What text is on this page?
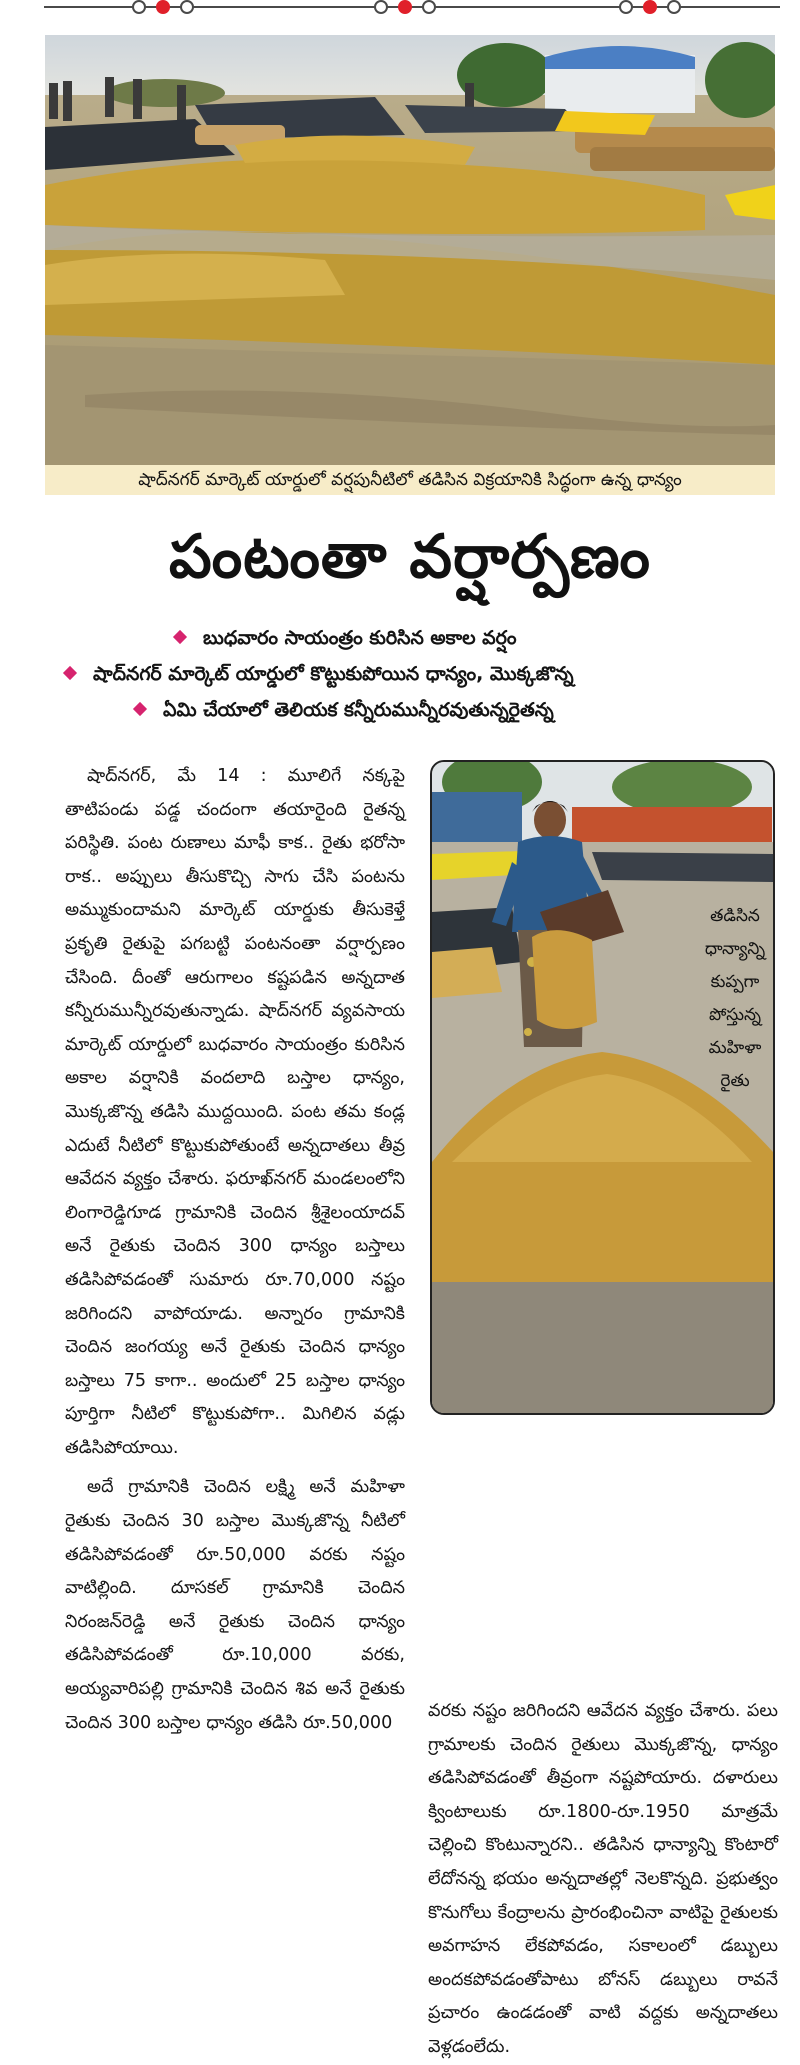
షాద్‌నగర్ మార్కెట్ యార్డులో వర్షపునీటిలో తడిసిన విక్రయానికి సిద్ధంగా ఉన్న ధాన్యం
పంటంతా వర్షార్పణం
బుధవారం సాయంత్రం కురిసిన అకాల వర్షం
షాద్‌నగర్ మార్కెట్ యార్డులో కొట్టుకుపోయిన ధాన్యం, మొక్కజొన్న
ఏమి చేయాలో తెలియక కన్నీరుమున్నీరవుతున్నరైతన్న

షాద్‌నగర్, మే 14 : మూలిగే నక్కపై తాటిపండు పడ్డ చందంగా తయారైంది రైతన్న పరిస్థితి. పంట రుణాలు మాఫీ కాక.. రైతు భరోసా రాక.. అప్పులు తీసుకొచ్చి సాగు చేసి పంటను అమ్ముకుందామని మార్కెట్ యార్డుకు తీసుకెళ్తే ప్రకృతి రైతుపై పగబట్టి పంటనంతా వర్షార్పణం చేసింది. దీంతో ఆరుగాలం కష్టపడిన అన్నదాత కన్నీరుమున్నీరవుతున్నాడు. షాద్‌నగర్ వ్యవసాయ మార్కెట్ యార్డులో బుధవారం సాయంత్రం కురిసిన అకాల వర్షానికి వందలాది బస్తాల ధాన్యం, మొక్కజొన్న తడిసి ముద్దయింది. పంట తమ కండ్ల ఎదుటే నీటిలో కొట్టుకుపోతుంటే అన్నదాతలు తీవ్ర ఆవేదన వ్యక్తం చేశారు. ఫరూఖ్‌నగర్ మండలంలోని లింగారెడ్డిగూడ గ్రామానికి చెందిన శ్రీశైలంయాదవ్ అనే రైతుకు చెందిన 300 ధాన్యం బస్తాలు తడిసిపోవడంతో సుమారు రూ.70,000 నష్టం జరిగిందని వాపోయాడు. అన్నారం గ్రామానికి చెందిన జంగయ్య అనే రైతుకు చెందిన ధాన్యం బస్తాలు 75 కాగా.. అందులో 25 బస్తాల ధాన్యం పూర్తిగా నీటిలో కొట్టుకుపోగా.. మిగిలిన వడ్లు తడిసిపోయాయి.

అదే గ్రామానికి చెందిన లక్ష్మి అనే మహిళా రైతుకు చెందిన 30 బస్తాల మొక్కజొన్న నీటిలో తడిసిపోవడంతో రూ.50,000 వరకు నష్టం వాటిల్లింది. దూసకల్ గ్రామానికి చెందిన నిరంజన్‌రెడ్డి అనే రైతుకు చెందిన ధాన్యం తడిసిపోవడంతో రూ.10,000 వరకు, అయ్యవారిపల్లి గ్రామానికి చెందిన శివ అనే రైతుకు చెందిన 300 బస్తాల ధాన్యం తడిసి రూ.50,000

తడిసిన
ధాన్యాన్ని
కుప్పగా
పోస్తున్న
మహిళా
రైతు
వరకు నష్టం జరిగిందని ఆవేదన వ్యక్తం చేశారు. పలు గ్రామాలకు చెందిన రైతులు మొక్కజొన్న, ధాన్యం తడిసిపోవడంతో తీవ్రంగా నష్టపోయారు. దళారులు క్వింటాలుకు రూ.1800-రూ.1950 మాత్రమే చెల్లించి కొంటున్నారని.. తడిసిన ధాన్యాన్ని కొంటారో లేదోనన్న భయం అన్నదాతల్లో నెలకొన్నది. ప్రభుత్వం కొనుగోలు కేంద్రాలను ప్రారంభించినా వాటిపై రైతులకు అవగాహన లేకపోవడం, సకాలంలో డబ్బులు అందకపోవడంతోపాటు బోనస్ డబ్బులు రావనే ప్రచారం ఉండడంతో వాటి వద్దకు అన్నదాతలు వెళ్లడంలేదు.
